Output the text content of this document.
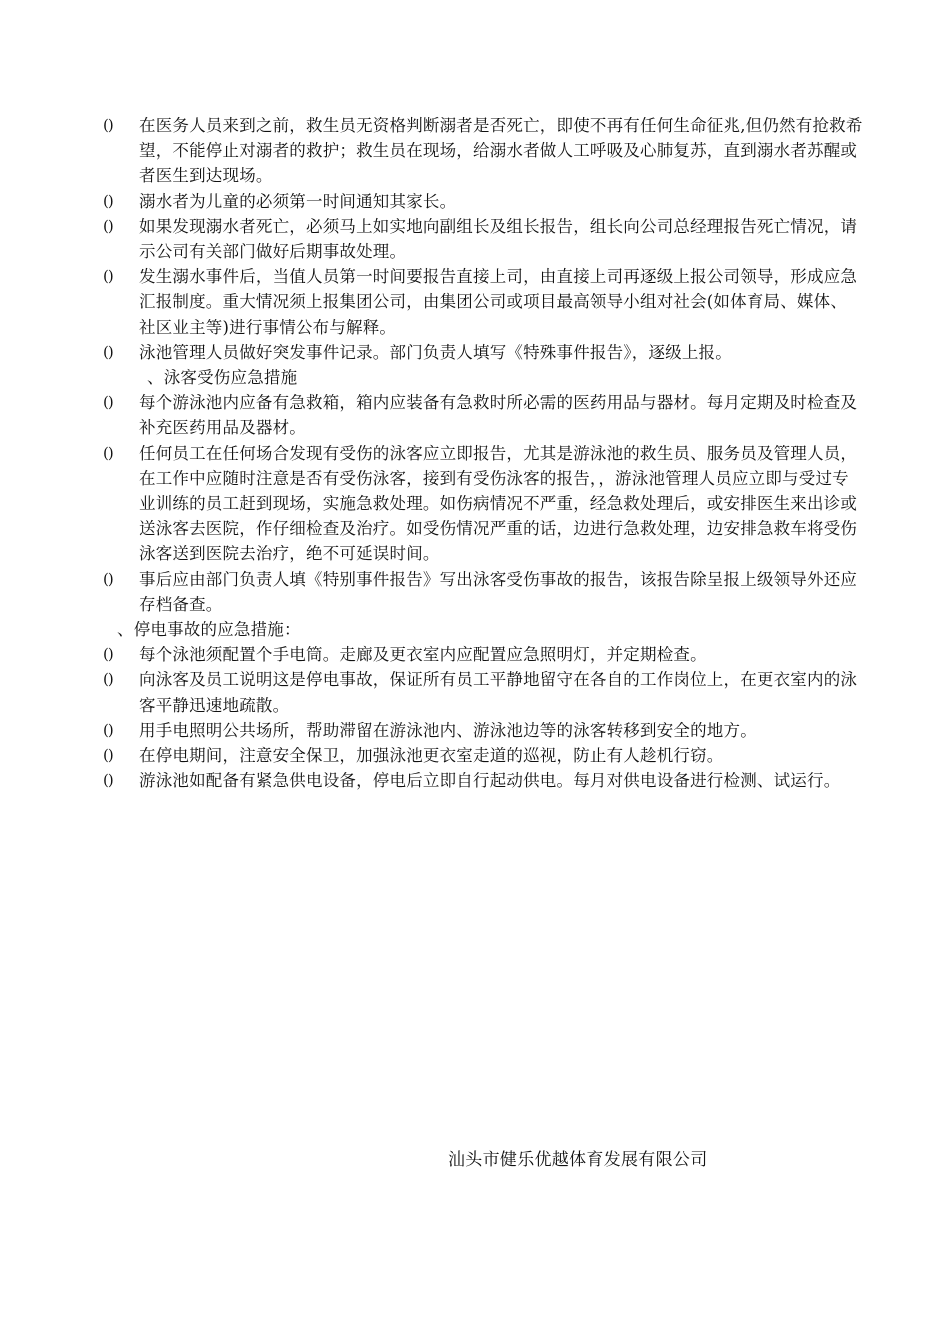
()	在医务人员来到之前，救生员无资格判断溺者是否死亡，即使不再有任何生命征兆,但仍然有抢救希望，不能停止对溺者的救护；救生员在现场，给溺水者做人工呼吸及心肺复苏，直到溺水者苏醒或者医生到达现场。

()	溺水者为儿童的必须第一时间通知其家长。

()	如果发现溺水者死亡，必须马上如实地向副组长及组长报告，组长向公司总经理报告死亡情况，请示公司有关部门做好后期事故处理。

()	发生溺水事件后，当值人员第一时间要报告直接上司，由直接上司再逐级上报公司领导，形成应急汇报制度。重大情况须上报集团公司，由集团公司或项目最高领导小组对社会(如体育局、媒体、社区业主等)进行事情公布与解释。

()	泳池管理人员做好突发事件记录。部门负责人填写《特殊事件报告》，逐级上报。

、泳客受伤应急措施

()	每个游泳池内应备有急救箱，箱内应装备有急救时所必需的医药用品与器材。每月定期及时检查及补充医药用品及器材。

()	任何员工在任何场合发现有受伤的泳客应立即报告，尤其是游泳池的救生员、服务员及管理人员，在工作中应随时注意是否有受伤泳客，接到有受伤泳客的报告，，游泳池管理人员应立即与受过专业训练的员工赶到现场，实施急救处理。如伤病情况不严重，经急救处理后，或安排医生来出诊或送泳客去医院，作仔细检查及治疗。如受伤情况严重的话，边进行急救处理，边安排急救车将受伤泳客送到医院去治疗，绝不可延误时间。

()	事后应由部门负责人填《特别事件报告》写出泳客受伤事故的报告，该报告除呈报上级领导外还应存档备查。

、停电事故的应急措施：

()	每个泳池须配置个手电筒。走廊及更衣室内应配置应急照明灯，并定期检查。

()	向泳客及员工说明这是停电事故，保证所有员工平静地留守在各自的工作岗位上，在更衣室内的泳客平静迅速地疏散。

()	用手电照明公共场所，帮助滞留在游泳池内、游泳池边等的泳客转移到安全的地方。

()	在停电期间，注意安全保卫，加强泳池更衣室走道的巡视，防止有人趁机行窃。

()	游泳池如配备有紧急供电设备，停电后立即自行起动供电。每月对供电设备进行检测、试运行。

汕头市健乐优越体育发展有限公司
